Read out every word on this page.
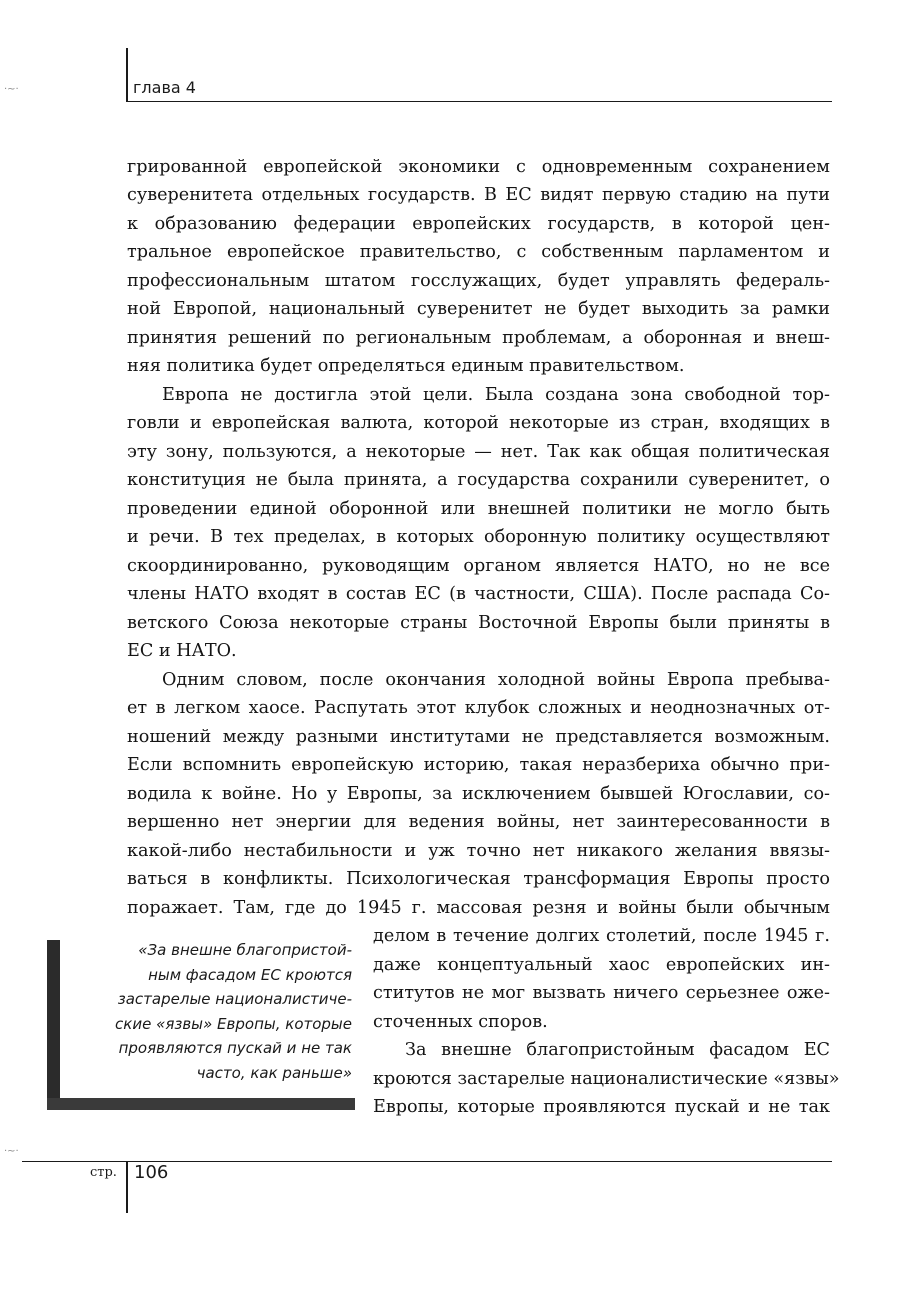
глава 4
·~·
грированной европейской экономики с одновременным сохранением
суверенитета отдельных государств. В ЕС видят первую стадию на пути
к образованию федерации европейских государств, в которой цен-
тральное европейское правительство, с собственным парламентом и
профессиональным штатом госслужащих, будет управлять федераль-
ной Европой, национальный суверенитет не будет выходить за рамки
принятия решений по региональным проблемам, а оборонная и внеш-
няя политика будет определяться единым правительством.
Европа не достигла этой цели. Была создана зона свободной тор-
говли и европейская валюта, которой некоторые из стран, входящих в
эту зону, пользуются, а некоторые — нет. Так как общая политическая
конституция не была принята, а государства сохранили суверенитет, о
проведении единой оборонной или внешней политики не могло быть
и речи. В тех пределах, в которых оборонную политику осуществляют
скоординированно, руководящим органом является НАТО, но не все
члены НАТО входят в состав ЕС (в частности, США). После распада Со-
ветского Союза некоторые страны Восточной Европы были приняты в
ЕС и НАТО.
Одним словом, после окончания холодной войны Европа пребыва-
ет в легком хаосе. Распутать этот клубок сложных и неоднозначных от-
ношений между разными институтами не представляется возможным.
Если вспомнить европейскую историю, такая неразбериха обычно при-
водила к войне. Но у Европы, за исключением бывшей Югославии, со-
вершенно нет энергии для ведения войны, нет заинтересованности в
какой-либо нестабильности и уж точно нет никакого желания ввязы-
ваться в конфликты. Психологическая трансформация Европы просто
поражает. Там, где до 1945 г. массовая резня и войны были обычным
делом в течение долгих столетий, после 1945 г.
даже концептуальный хаос европейских ин-
ститутов не мог вызвать ничего серьезнее оже-
сточенных споров.
За внешне благопристойным фасадом ЕС
кроются застарелые националистические «язвы»
Европы, которые проявляются пускай и не так
«За внешне благопристой-
ным фасадом ЕС кроются
застарелые националистиче-
ские «язвы» Европы, которые
проявляются пускай и не так
часто, как раньше»
·~·
стр. 106
